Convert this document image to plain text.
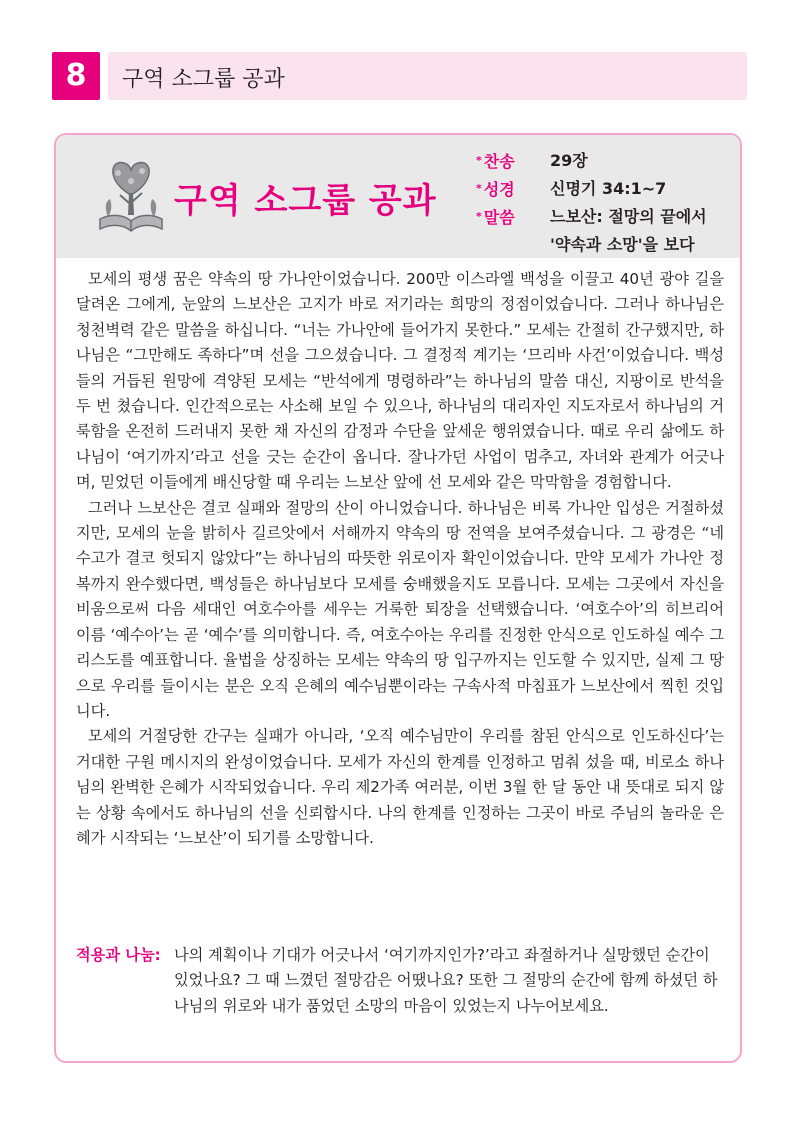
8	구역 소그룹 공과
구역 소그룹 공과
* 찬송	29장
* 성경	신명기 34:1~7
* 말씀	느보산: 절망의 끝에서
'약속과 소망'을 보다

모세의 평생 꿈은 약속의 땅 가나안이었습니다. 200만 이스라엘 백성을 이끌고 40년 광야 길을 달려온 그에게, 눈앞의 느보산은 고지가 바로 저기라는 희망의 정점이었습니다. 그러나 하나님은 청천벽력 같은 말씀을 하십니다. “너는 가나안에 들어가지 못한다.” 모세는 간절히 간구했지만, 하나님은 “그만해도 족하다”며 선을 그으셨습니다. 그 결정적 계기는 ‘므리바 사건’이었습니다. 백성들의 거듭된 원망에 격양된 모세는 “반석에게 명령하라”는 하나님의 말씀 대신, 지팡이로 반석을 두 번 쳤습니다. 인간적으로는 사소해 보일 수 있으나, 하나님의 대리자인 지도자로서 하나님의 거룩함을 온전히 드러내지 못한 채 자신의 감정과 수단을 앞세운 행위였습니다. 때로 우리 삶에도 하나님이 ‘여기까지’라고 선을 긋는 순간이 옵니다. 잘나가던 사업이 멈추고, 자녀와 관계가 어긋나며, 믿었던 이들에게 배신당할 때 우리는 느보산 앞에 선 모세와 같은 막막함을 경험합니다.

그러나 느보산은 결코 실패와 절망의 산이 아니었습니다. 하나님은 비록 가나안 입성은 거절하셨지만, 모세의 눈을 밝히사 길르앗에서 서해까지 약속의 땅 전역을 보여주셨습니다. 그 광경은 “네 수고가 결코 헛되지 않았다”는 하나님의 따뜻한 위로이자 확인이었습니다. 만약 모세가 가나안 정복까지 완수했다면, 백성들은 하나님보다 모세를 숭배했을지도 모릅니다. 모세는 그곳에서 자신을 비움으로써 다음 세대인 여호수아를 세우는 거룩한 퇴장을 선택했습니다. ‘여호수아’의 히브리어 이름 ‘예수아’는 곧 ‘예수’를 의미합니다. 즉, 여호수아는 우리를 진정한 안식으로 인도하실 예수 그리스도를 예표합니다. 율법을 상징하는 모세는 약속의 땅 입구까지는 인도할 수 있지만, 실제 그 땅으로 우리를 들이시는 분은 오직 은혜의 예수님뿐이라는 구속사적 마침표가 느보산에서 찍힌 것입니다.

모세의 거절당한 간구는 실패가 아니라, ‘오직 예수님만이 우리를 참된 안식으로 인도하신다’는 거대한 구원 메시지의 완성이었습니다. 모세가 자신의 한계를 인정하고 멈춰 섰을 때, 비로소 하나님의 완벽한 은혜가 시작되었습니다. 우리 제2가족 여러분, 이번 3월 한 달 동안 내 뜻대로 되지 않는 상황 속에서도 하나님의 선을 신뢰합시다. 나의 한계를 인정하는 그곳이 바로 주님의 놀라운 은혜가 시작되는 ‘느보산’이 되기를 소망합니다.

적용과 나눔: 나의 계획이나 기대가 어긋나서 ‘여기까지인가?’라고 좌절하거나 실망했던 순간이 있었나요? 그 때 느꼈던 절망감은 어땠나요? 또한 그 절망의 순간에 함께 하셨던 하나님의 위로와 내가 품었던 소망의 마음이 있었는지 나누어보세요.
